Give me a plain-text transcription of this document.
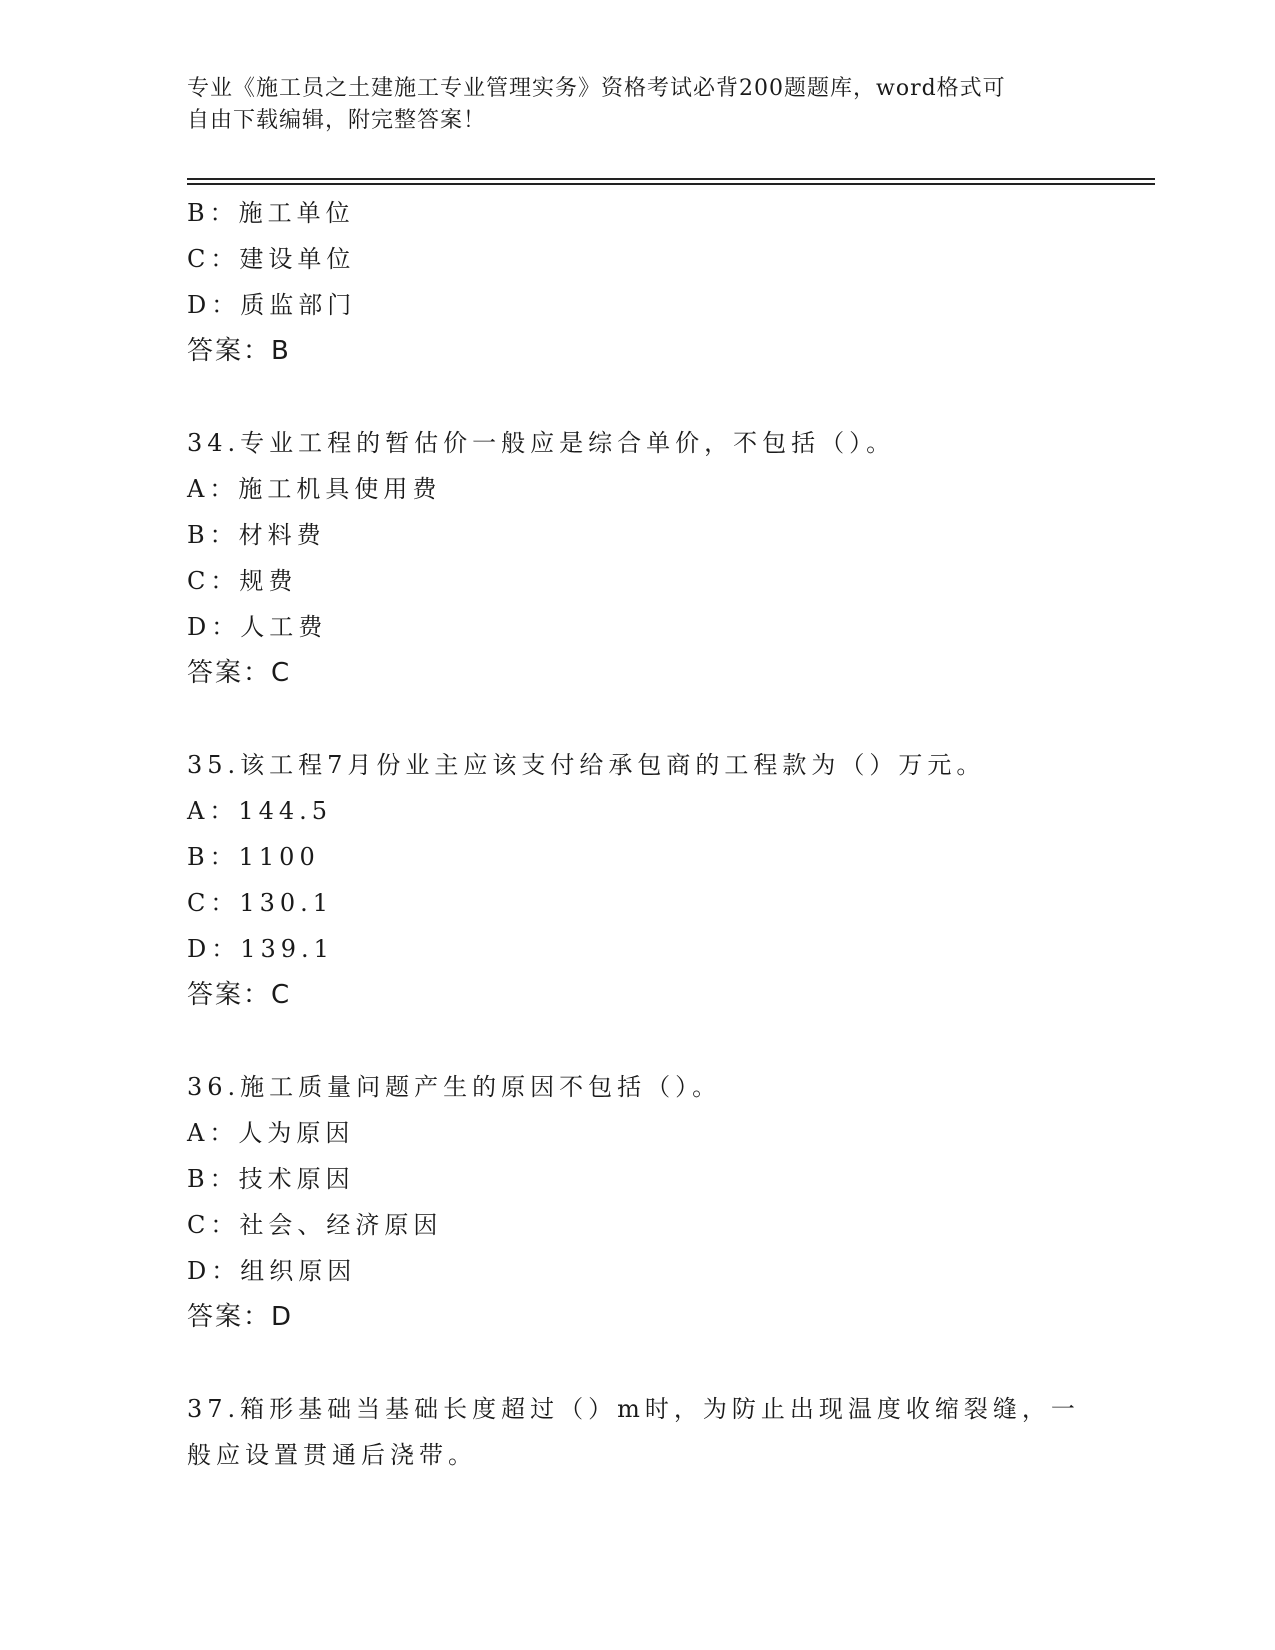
专业《施工员之土建施工专业管理实务》资格考试必背200题题库，word格式可
自由下载编辑，附完整答案！
B：施工单位
C：建设单位
D：质监部门
答案：B
34.专业工程的暂估价一般应是综合单价，不包括（）。
A：施工机具使用费
B：材料费
C：规费
D：人工费
答案：C
35.该工程7月份业主应该支付给承包商的工程款为（）万元。
A：144.5
B：1100
C：130.1
D：139.1
答案：C
36.施工质量问题产生的原因不包括（）。
A：人为原因
B：技术原因
C：社会、经济原因
D：组织原因
答案：D
37.箱形基础当基础长度超过（）m时，为防止出现温度收缩裂缝，一
般应设置贯通后浇带。
